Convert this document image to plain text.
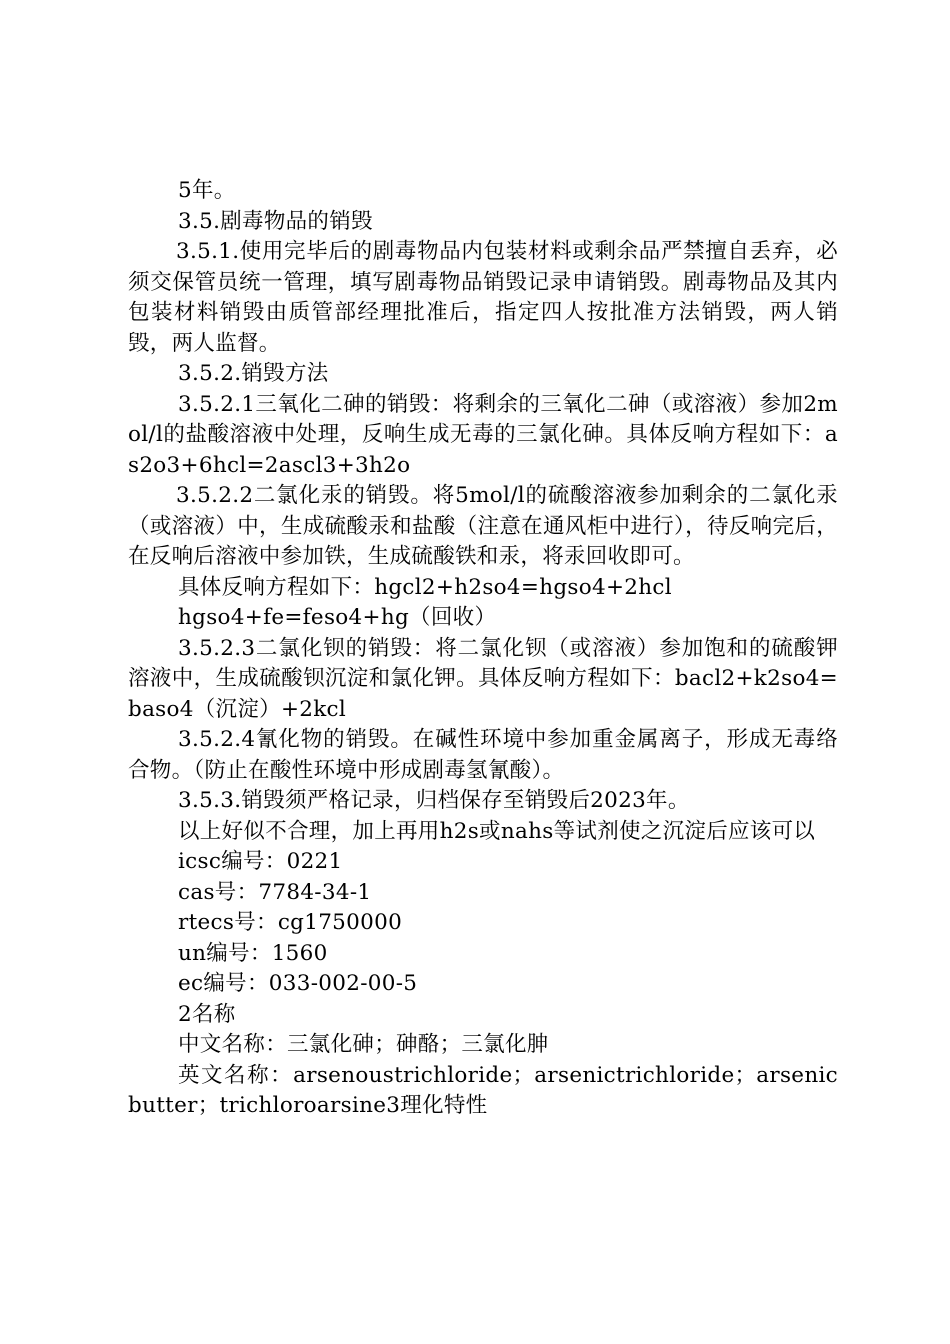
5年。

3.5.剧毒物品的销毁

3.5.1.使用完毕后的剧毒物品内包装材料或剩余品严禁擅自丢弃，必须交保管员统一管理，填写剧毒物品销毁记录申请销毁。剧毒物品及其内包装材料销毁由质管部经理批准后，指定四人按批准方法销毁，两人销毁，两人监督。

3.5.2.销毁方法

3.5.2.1三氧化二砷的销毁：将剩余的三氧化二砷（或溶液）参加2mol/l的盐酸溶液中处理，反响生成无毒的三氯化砷。具体反响方程如下：as2o3+6hcl=2ascl3+3h2o

3.5.2.2二氯化汞的销毁。将5mol/l的硫酸溶液参加剩余的二氯化汞（或溶液）中，生成硫酸汞和盐酸（注意在通风柜中进行），待反响完后，在反响后溶液中参加铁，生成硫酸铁和汞，将汞回收即可。

具体反响方程如下：hgcl2+h2so4=hgso4+2hcl

hgso4+fe=feso4+hg（回收）

3.5.2.3二氯化钡的销毁：将二氯化钡（或溶液）参加饱和的硫酸钾溶液中，生成硫酸钡沉淀和氯化钾。具体反响方程如下：bacl2+k2so4=baso4（沉淀）+2kcl

3.5.2.4氰化物的销毁。在碱性环境中参加重金属离子，形成无毒络合物。（防止在酸性环境中形成剧毒氢氰酸）。

3.5.3.销毁须严格记录，归档保存至销毁后2023年。

以上好似不合理，加上再用h2s或nahs等试剂使之沉淀后应该可以

icsc编号：0221

cas号：7784-34-1

rtecs号：cg1750000

un编号：1560

ec编号：033-002-00-5

2名称

中文名称：三氯化砷；砷酪；三氯化胂

英文名称：arsenoustrichloride；arsenictrichloride；arsenicbutter；trichloroarsine3理化特性
